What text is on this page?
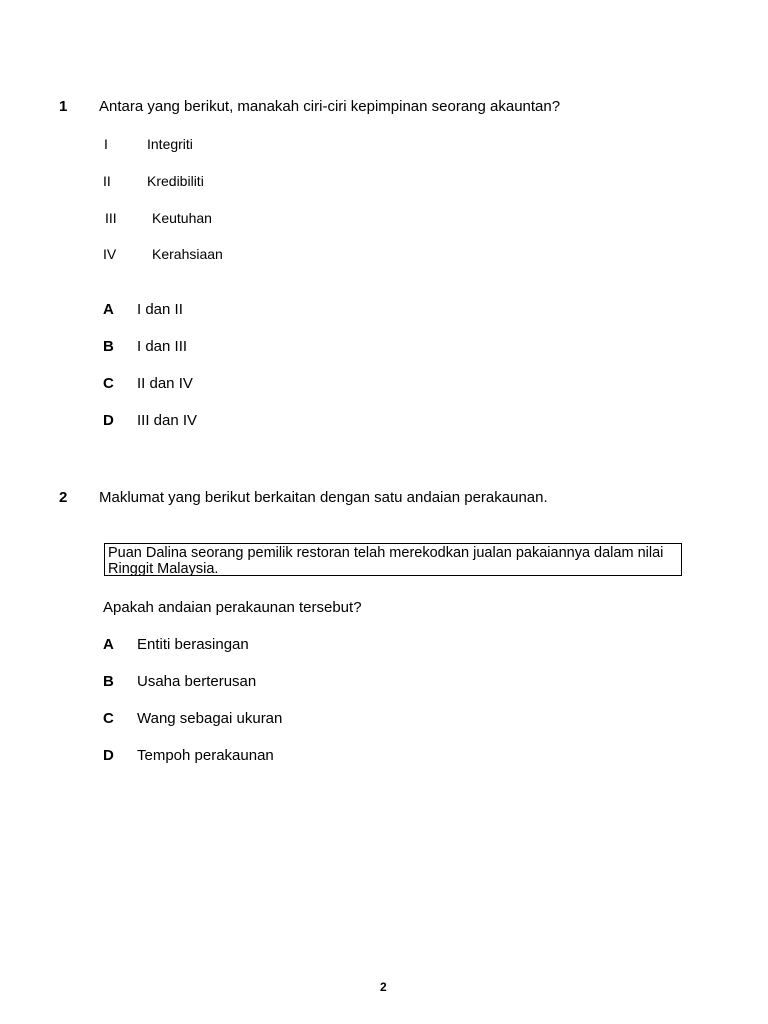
1 Antara yang berikut, manakah ciri-ciri kepimpinan seorang akauntan?
I	Integriti
II	Kredibiliti
III	Keutuhan
IV	Kerahsiaan
A I dan II
B I dan III
C II dan IV
D III dan IV
2 Maklumat yang berikut berkaitan dengan satu andaian perakaunan.
Puan Dalina seorang pemilik restoran telah merekodkan jualan pakaiannya dalam nilai Ringgit Malaysia.
Apakah andaian perakaunan tersebut?
A Entiti berasingan
B Usaha berterusan
C Wang sebagai ukuran
D Tempoh perakaunan
2
